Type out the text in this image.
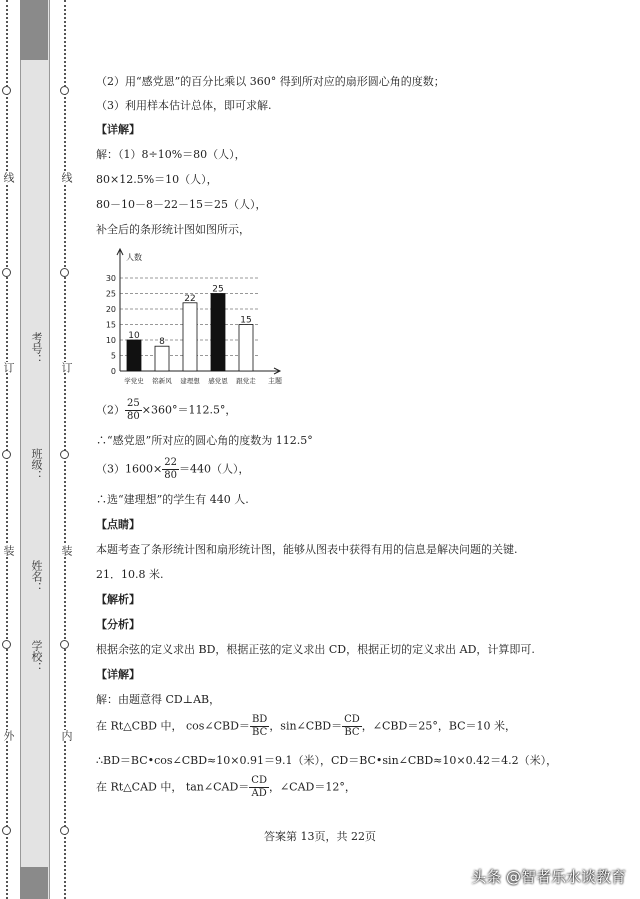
线
订
装
外
线
订
装
内
考号：
班级：
姓名：
学校：
（2）用“感党恩”的百分比乘以 360° 得到所对应的扇形圆心角的度数；
（3）利用样本估计总体，即可求解.
【详解】
解：（1）8÷10%＝80（人），
80×12.5%＝10（人），
80－10－8－22－15＝25（人），
补全后的条形统计图如图所示，
人数
主题
0
5
10
15
20
25
30
10
学党史
8
铭新风
22
建理想
25
感党恩
15
跟党走
$(2) \frac{25}{80} \times 360^\circ=112.5^\circ$，
∴“感党恩”所对应的圆心角的度数为 112.5°
$(3)1600\times \frac{22}{80} =440$（人），
∴选“建理想”的学生有 440 人.
【点睛】
本题考查了条形统计图和扇形统计图，能够从图表中获得有用的信息是解决问题的关键.
21．10.8 米.
【解析】
【分析】
根据余弦的定义求出 BD，根据正弦的定义求出 CD，根据正切的定义求出 AD，计算即可.
【详解】
解：由题意得 CD⊥AB，
在 Rt△CBD 中， cos∠CBD＝ $\frac{BD}{BC}$ ，sin∠CBD＝ $\frac{CD}{BC}$ ，∠CBD＝25°，BC＝10 米，
∴BD＝BC•cos∠CBD≈10×0.91＝9.1（米），CD＝BC•sin∠CBD≈10×0.42＝4.2（米），
在 Rt△CAD 中， tan∠CAD＝ $\frac{CD}{AD}$ ，∠CAD＝12°，
答案第 13页，共 22页
头条 @智者乐水谈教育
